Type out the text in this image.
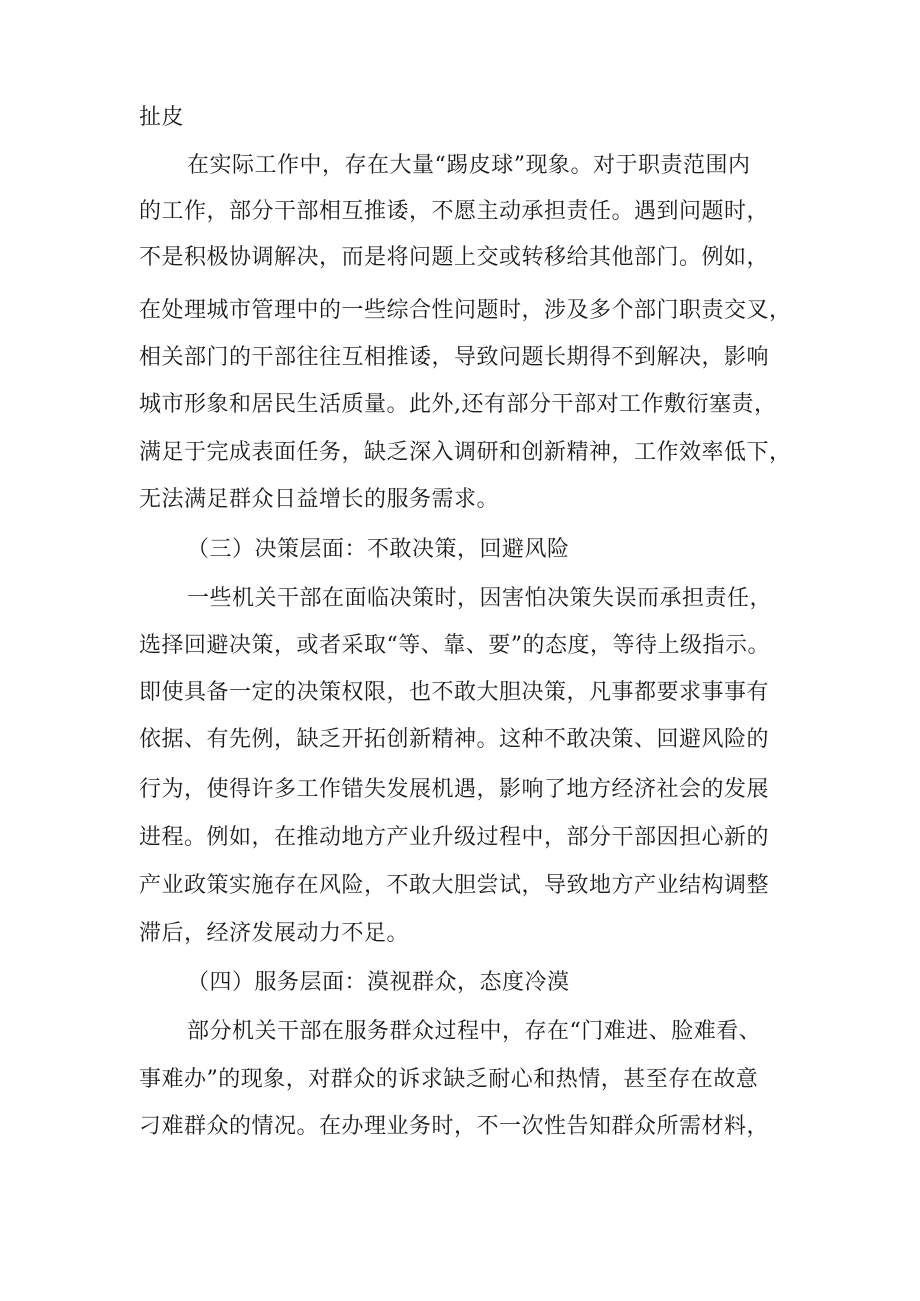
扯皮
在实际工作中，存在大量“踢皮球”现象。对于职责范围内
的工作，部分干部相互推诿，不愿主动承担责任。遇到问题时，
不是积极协调解决，而是将问题上交或转移给其他部门。例如，
在处理城市管理中的一些综合性问题时，涉及多个部门职责交叉，
相关部门的干部往往互相推诿，导致问题长期得不到解决，影响
城市形象和居民生活质量。此外,还有部分干部对工作敷衍塞责，
满足于完成表面任务，缺乏深入调研和创新精神，工作效率低下，
无法满足群众日益增长的服务需求。
（三）决策层面：不敢决策，回避风险
一些机关干部在面临决策时，因害怕决策失误而承担责任，
选择回避决策，或者采取“等、靠、要”的态度，等待上级指示。
即使具备一定的决策权限，也不敢大胆决策，凡事都要求事事有
依据、有先例，缺乏开拓创新精神。这种不敢决策、回避风险的
行为，使得许多工作错失发展机遇，影响了地方经济社会的发展
进程。例如，在推动地方产业升级过程中，部分干部因担心新的
产业政策实施存在风险，不敢大胆尝试，导致地方产业结构调整
滞后，经济发展动力不足。
（四）服务层面：漠视群众，态度冷漠
部分机关干部在服务群众过程中，存在“门难进、脸难看、
事难办”的现象，对群众的诉求缺乏耐心和热情，甚至存在故意
刁难群众的情况。在办理业务时，不一次性告知群众所需材料，
